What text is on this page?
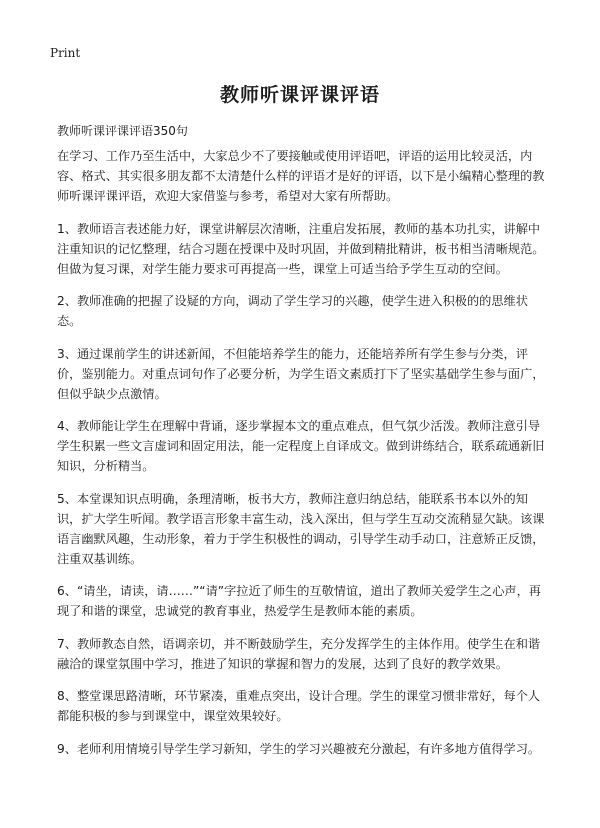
Print
教师听课评课评语

教师听课评课评语350句

在学习、工作乃至生活中，大家总少不了要接触或使用评语吧，评语的运用比较灵活，内容、格式、其实很多朋友都不太清楚什么样的评语才是好的评语，以下是小编精心整理的教师听课评课评语，欢迎大家借鉴与参考，希望对大家有所帮助。

1、教师语言表述能力好，课堂讲解层次清晰，注重启发拓展，教师的基本功扎实，讲解中注重知识的记忆整理，结合习题在授课中及时巩固，并做到精批精讲，板书相当清晰规范。但做为复习课，对学生能力要求可再提高一些，课堂上可适当给予学生互动的空间。

2、教师准确的把握了设疑的方向，调动了学生学习的兴趣，使学生进入积极的的思维状态。

3、通过课前学生的讲述新闻，不但能培养学生的能力，还能培养所有学生参与分类，评价，鉴别能力。对重点词句作了必要分析，为学生语文素质打下了坚实基础学生参与面广，但似乎缺少点激情。

4、教师能让学生在理解中背诵，逐步掌握本文的重点难点，但气氛少活泼。教师注意引导学生积累一些文言虚词和固定用法，能一定程度上自译成文。做到讲练结合，联系疏通新旧知识，分析精当。

5、本堂课知识点明确，条理清晰，板书大方，教师注意归纳总结，能联系书本以外的知识，扩大学生听闻。教学语言形象丰富生动，浅入深出，但与学生互动交流稍显欠缺。该课语言幽默风趣，生动形象，着力于学生积极性的调动，引导学生动手动口，注意矫正反馈，注重双基训练。

6、“请坐，请读，请……”“请”字拉近了师生的互敬情谊，道出了教师关爱学生之心声，再现了和谐的课堂，忠诚党的教育事业，热爱学生是教师本能的素质。

7、教师教态自然，语调亲切，并不断鼓励学生，充分发挥学生的主体作用。使学生在和谐融洽的课堂氛围中学习，推进了知识的掌握和智力的发展，达到了良好的教学效果。

8、整堂课思路清晰，环节紧凑，重难点突出，设计合理。学生的课堂习惯非常好，每个人都能积极的参与到课堂中，课堂效果较好。

9、老师利用情境引导学生学习新知，学生的学习兴趣被充分激起，有许多地方值得学习。
